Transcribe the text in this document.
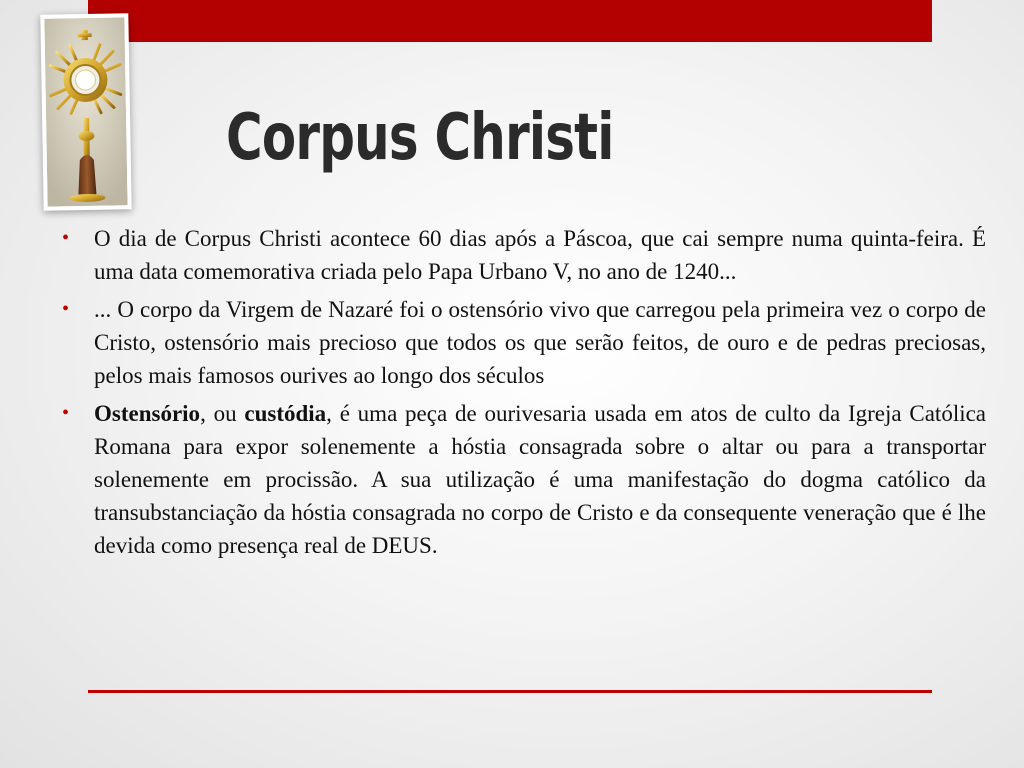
Corpus Christi
• O dia de Corpus Christi acontece 60 dias após a Páscoa, que cai sempre numa quinta-feira. É uma data comemorativa criada pelo Papa Urbano V, no ano de 1240...
• ... O corpo da Virgem de Nazaré foi o ostensório vivo que carregou pela primeira vez o corpo de Cristo, ostensório mais precioso que todos os que serão feitos, de ouro e de pedras preciosas, pelos mais famosos ourives ao longo dos séculos
• Ostensório, ou custódia, é uma peça de ourivesaria usada em atos de culto da Igreja Católica Romana para expor solenemente a hóstia consagrada sobre o altar ou para a transportar solenemente em procissão. A sua utilização é uma manifestação do dogma católico da transubstanciação da hóstia consagrada no corpo de Cristo e da consequente veneração que é lhe devida como presença real de DEUS.
